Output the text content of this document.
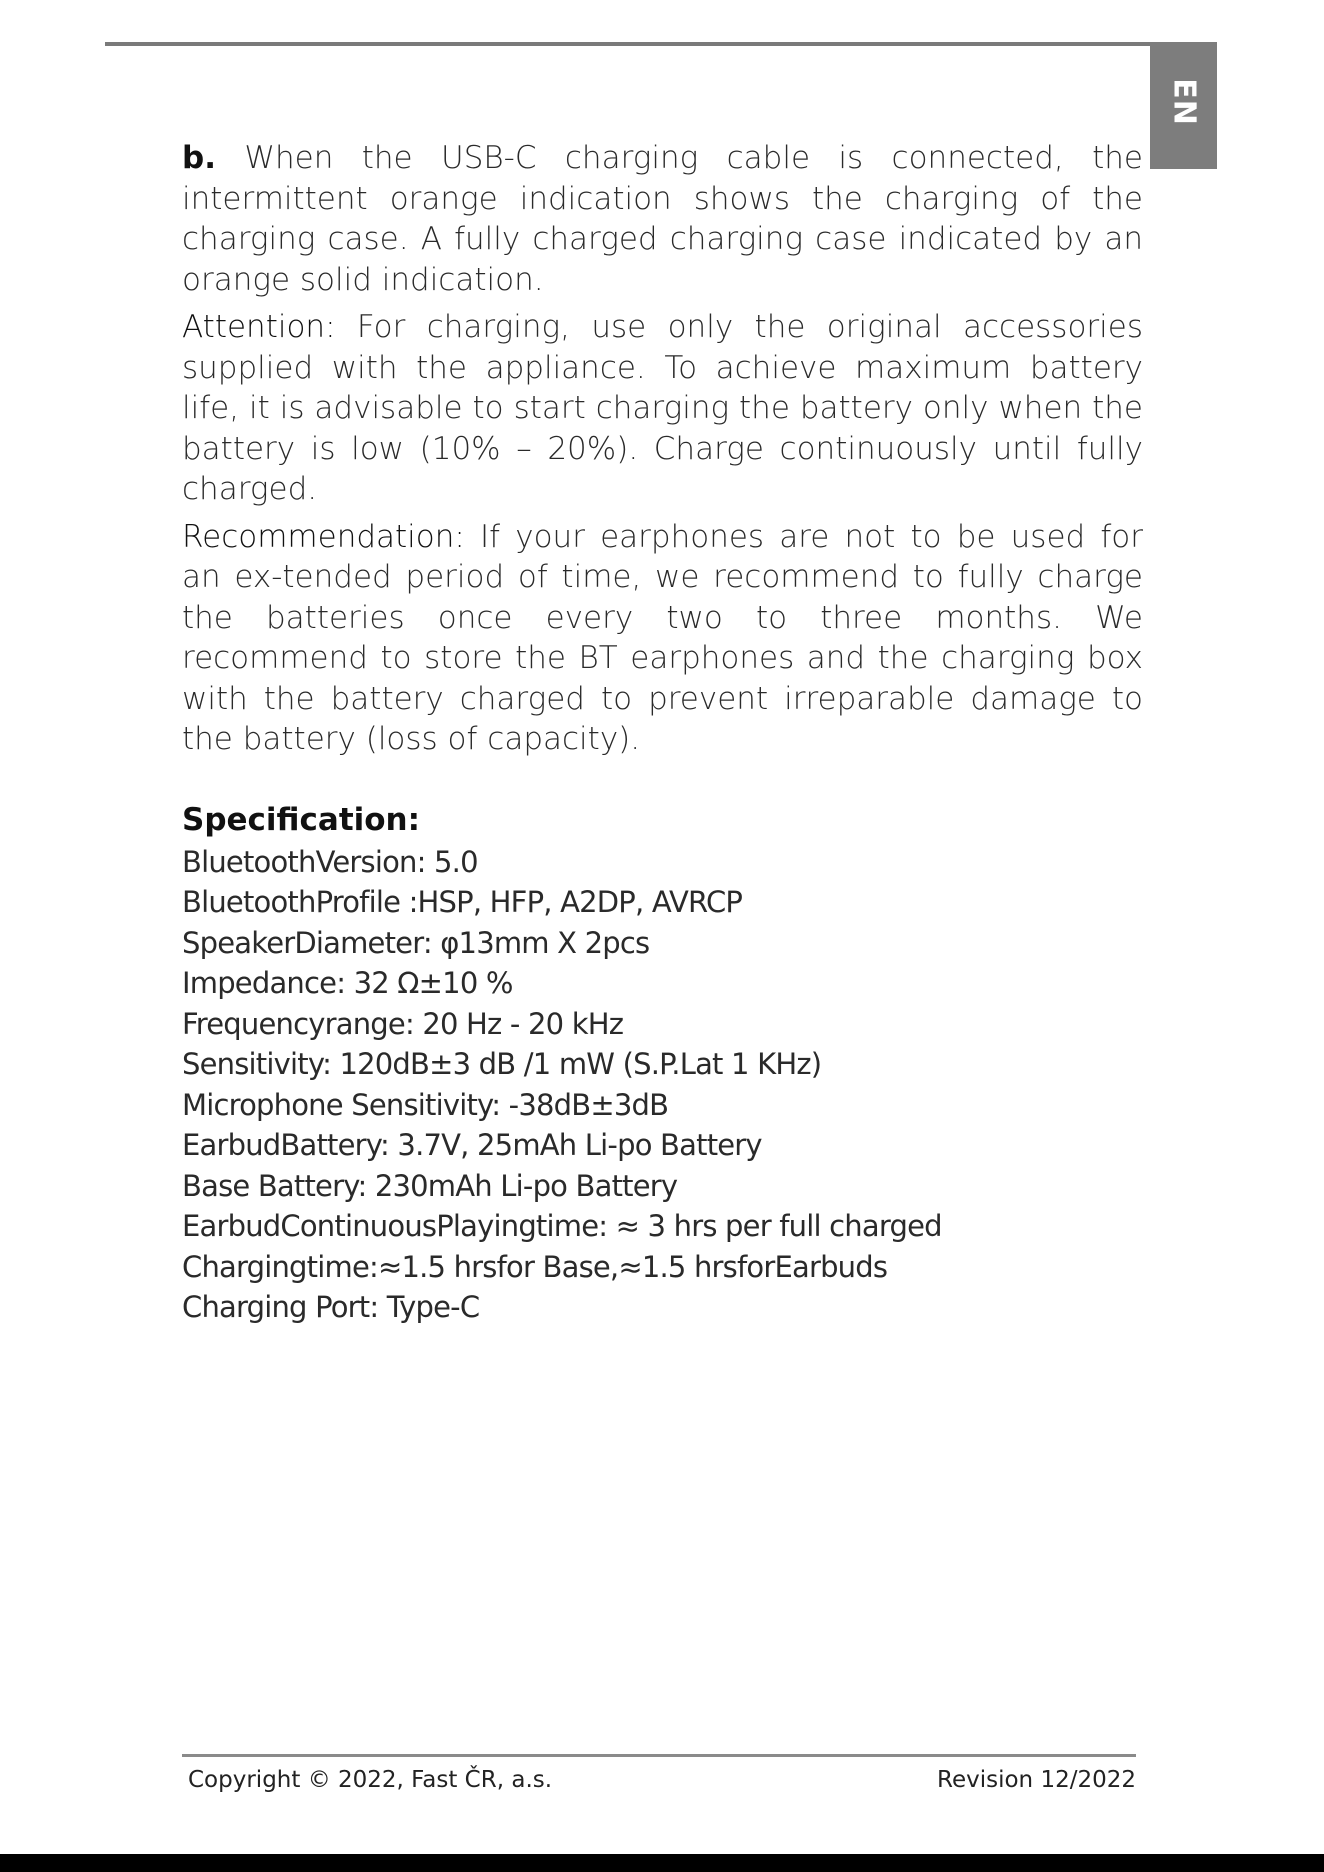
EN

b. When the USB-C charging cable is connected, the intermittent orange indication shows the charging of the charging case. A fully charged charging case indicated by an orange solid indication.

Attention: For charging, use only the original accessories supplied with the appliance. To achieve maximum battery life, it is advisable to start charging the battery only when the battery is low (10% – 20%). Charge continuously until fully charged.

Recommendation: If your earphones are not to be used for an ex-tended period of time, we recommend to fully charge the batteries once every two to three months. We recommend to store the BT earphones and the charging box with the battery charged to prevent irreparable damage to the battery (loss of capacity).

Specification:
BluetoothVersion: 5.0
BluetoothProfile :HSP, HFP, A2DP, AVRCP
SpeakerDiameter: φ13mm X 2pcs
Impedance: 32 Ω±10 %
Frequencyrange: 20 Hz - 20 kHz
Sensitivity: 120dB±3 dB /1 mW (S.P.Lat 1 KHz)
Microphone Sensitivity: -38dB±3dB
EarbudBattery: 3.7V, 25mAh Li-po Battery
Base Battery: 230mAh Li-po Battery
EarbudContinuousPlayingtime: ≈ 3 hrs per full charged
Chargingtime:≈1.5 hrsfor Base,≈1.5 hrsforEarbuds
Charging Port: Type-C
Copyright © 2022, Fast ČR, a.s.	Revision 12/2022
